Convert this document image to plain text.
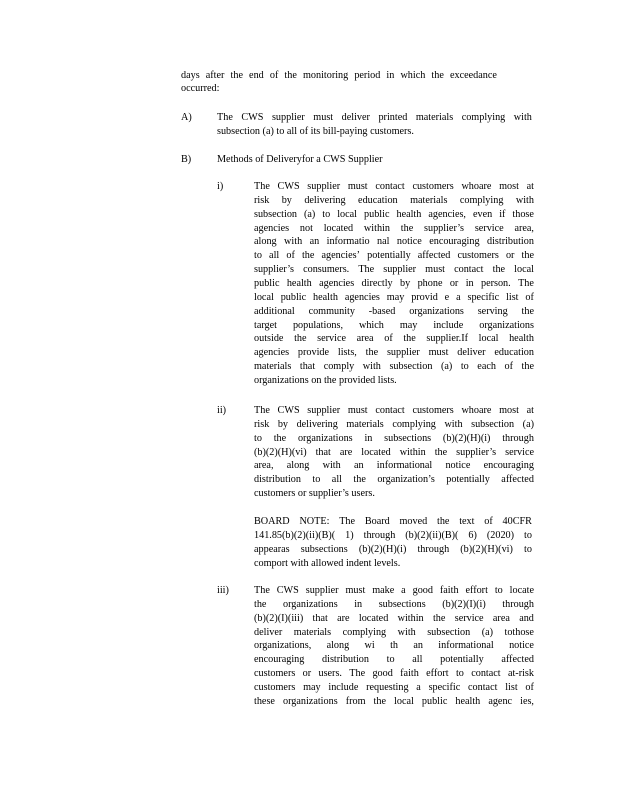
days after the end of the monitoring period in which the exceedance
occurred:
A) The CWS supplier must deliver printed materials complying with
subsection (a) to all of its bill-paying customers.
B)	Methods of Deliveryfor a CWS Supplier
i)	The CWS supplier must contact customers whoare most at
risk by delivering education materials complying with
subsection (a) to local public health agencies, even if those
agencies not located within the supplier’s service area,
along with an informatio nal notice encouraging distribution
to all of the agencies’ potentially affected customers or the
supplier’s consumers. The supplier must contact the local
public health agencies directly by phone or in person. The
local public health agencies may provid e a specific list of
additional community -based organizations serving the
target populations, which may include organizations
outside the service area of the supplier.If local health
agencies provide lists, the supplier must deliver education
materials that comply with subsection (a) to each of the
organizations on the provided lists.
ii)	The CWS supplier must contact customers whoare most at
risk by delivering materials complying with subsection (a)
to the organizations in subsections (b)(2)(H)(i) through
(b)(2)(H)(vi) that are located within the supplier’s service
area, along with an informational notice encouraging
distribution to all the organization’s potentially affected
customers or supplier’s users.
BOARD NOTE: The Board moved the text of 40CFR
141.85(b)(2)(ii)(B)( 1) through (b)(2)(ii)(B)( 6) (2020) to
appearas subsections (b)(2)(H)(i) through (b)(2)(H)(vi) to
comport with allowed indent levels.
iii) The CWS supplier must make a good faith effort to locate
the organizations in subsections (b)(2)(I)(i) through
(b)(2)(I)(iii) that are located within the service area and
deliver materials complying with subsection (a) tothose
organizations, along wi th an informational notice
encouraging distribution to all potentially affected
customers or users. The good faith effort to contact at-risk
customers may include requesting a specific contact list of
these organizations from the local public health agenc ies,
